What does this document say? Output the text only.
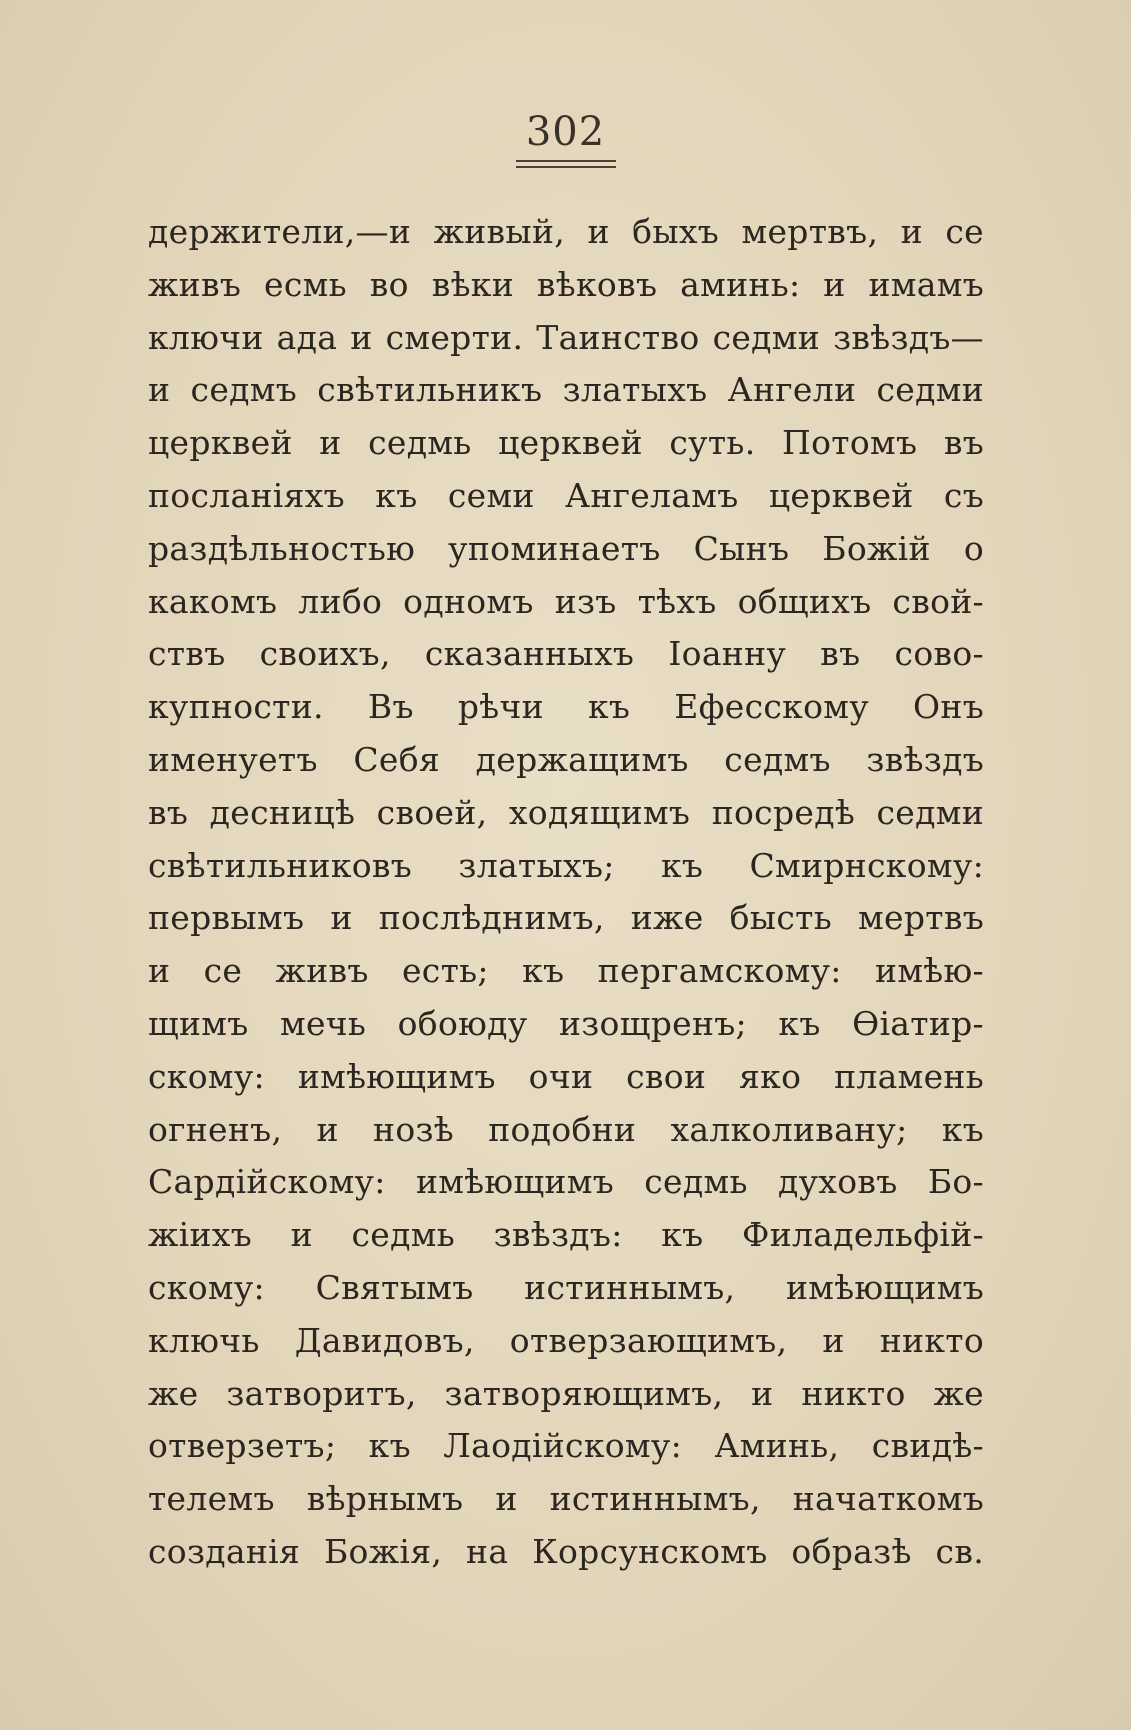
302
держители,—и живый, и быхъ мертвъ, и се
живъ есмь во вѣки вѣковъ аминь: и имамъ
ключи ада и смерти. Таинство седми звѣздъ—
и седмъ свѣтильникъ златыхъ Ангели седми
церквей и седмь церквей суть. Потомъ въ
посланіяхъ къ семи Ангеламъ церквей съ
раздѣльностью упоминаетъ Сынъ Божій о
какомъ либо одномъ изъ тѣхъ общихъ свой-
ствъ своихъ, сказанныхъ Іоанну въ сово-
купности. Въ рѣчи къ Ефесскому Онъ
именуетъ Себя держащимъ седмъ звѣздъ
въ десницѣ своей, ходящимъ посредѣ седми
свѣтильниковъ златыхъ; къ Смирнскому:
первымъ и послѣднимъ, иже бысть мертвъ
и се живъ есть; къ пергамскому: имѣю-
щимъ мечь обоюду изощренъ; къ Ѳіатир-
скому: имѣющимъ очи свои яко пламень
огненъ, и нозѣ подобни халколивану; къ
Сардійскому: имѣющимъ седмь духовъ Бо-
жіихъ и седмь звѣздъ: къ Филадельфій-
скому: Святымъ истиннымъ, имѣющимъ
ключь Давидовъ, отверзающимъ, и никто
же затворитъ, затворяющимъ, и никто же
отверзетъ; къ Лаодійскому: Аминь, свидѣ-
телемъ вѣрнымъ и истиннымъ, начаткомъ
созданія Божія, на Корсунскомъ образѣ св.
